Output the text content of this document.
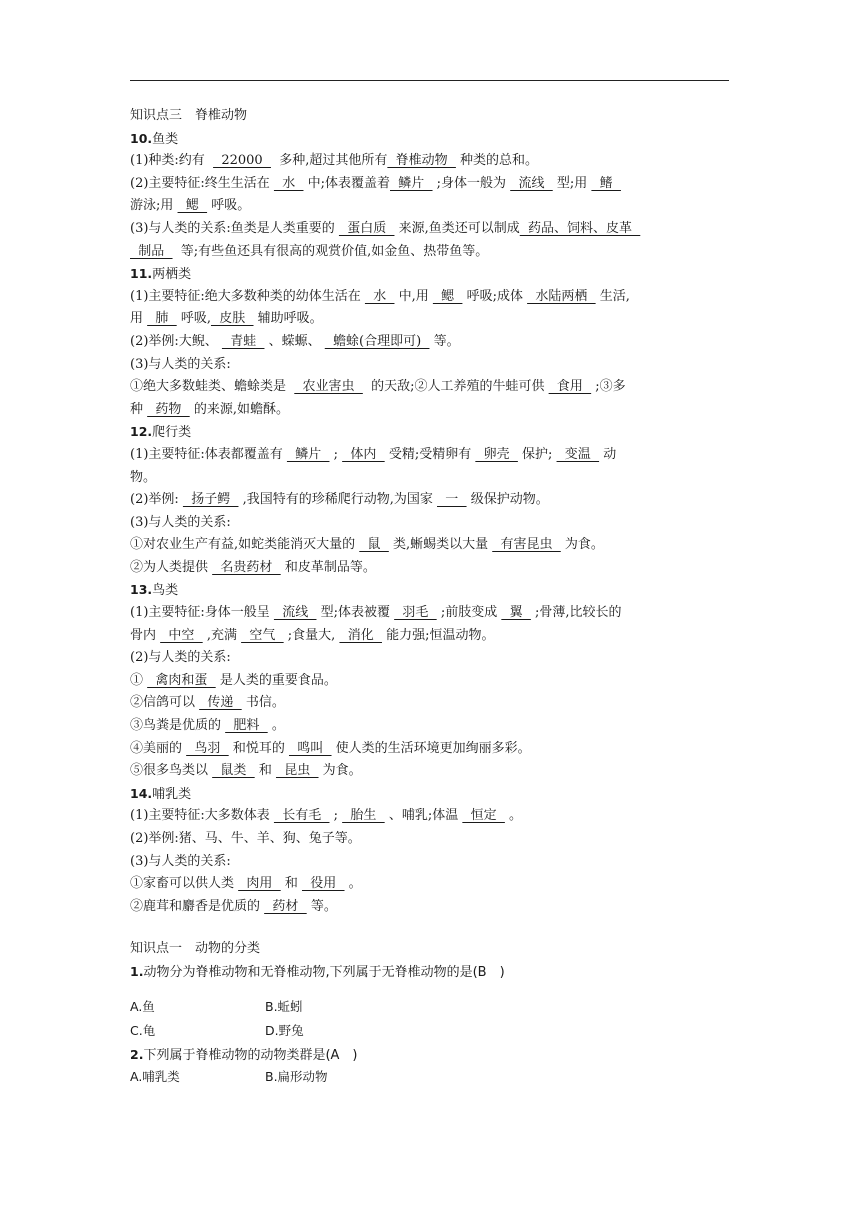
知识点三　脊椎动物
10.鱼类
(1)种类:约有    22000    多种,超过其他所有  脊椎动物   种类的总和。
(2)主要特征:终生生活在   水   中;体表覆盖着  鳞片   ;身体一般为   流线   型;用   鳍
游泳;用   鳃   呼吸。
(3)与人类的关系:鱼类是人类重要的   蛋白质   来源,鱼类还可以制成  药品、饲料、皮革
制品    等;有些鱼还具有很高的观赏价值,如金鱼、热带鱼等。
11.两栖类
(1)主要特征:绝大多数种类的幼体生活在   水   中,用   鳃   呼吸;成体   水陆两栖   生活,
用   肺   呼吸,  皮肤   辅助呼吸。
(2)举例:大鲵、   青蛙   、蝾螈、   蟾蜍(合理即可)   等。
(3)与人类的关系:
①绝大多数蛙类、蟾蜍类是    农业害虫    的天敌;②人工养殖的牛蛙可供   食用   ;③多
种   药物   的来源,如蟾酥。
12.爬行类
(1)主要特征:体表都覆盖有   鳞片   ;   体内   受精;受精卵有   卵壳   保护;   变温   动
物。
(2)举例:   扬子鳄   ,我国特有的珍稀爬行动物,为国家   一   级保护动物。
(3)与人类的关系:
①对农业生产有益,如蛇类能消灭大量的   鼠   类,蜥蜴类以大量   有害昆虫   为食。
②为人类提供   名贵药材   和皮革制品等。
13.鸟类
(1)主要特征:身体一般呈   流线   型;体表被覆   羽毛   ;前肢变成   翼   ;骨薄,比较长的
骨内   中空   ,充满   空气   ;食量大,   消化   能力强;恒温动物。
(2)与人类的关系:
①   禽肉和蛋   是人类的重要食品。
②信鸽可以   传递   书信。
③鸟粪是优质的   肥料   。
④美丽的   鸟羽   和悦耳的   鸣叫   使人类的生活环境更加绚丽多彩。
⑤很多鸟类以   鼠类   和   昆虫   为食。
14.哺乳类
(1)主要特征:大多数体表   长有毛   ;   胎生   、哺乳;体温   恒定   。
(2)举例:猪、马、牛、羊、狗、兔子等。
(3)与人类的关系:
①家畜可以供人类   肉用   和   役用   。
②鹿茸和麝香是优质的   药材   等。
知识点一　动物的分类
1.动物分为脊椎动物和无脊椎动物,下列属于无脊椎动物的是(B　)
A.鱼	B.蚯蚓
C.龟	D.野兔
2.下列属于脊椎动物的动物类群是(A　)
A.哺乳类	B.扁形动物
